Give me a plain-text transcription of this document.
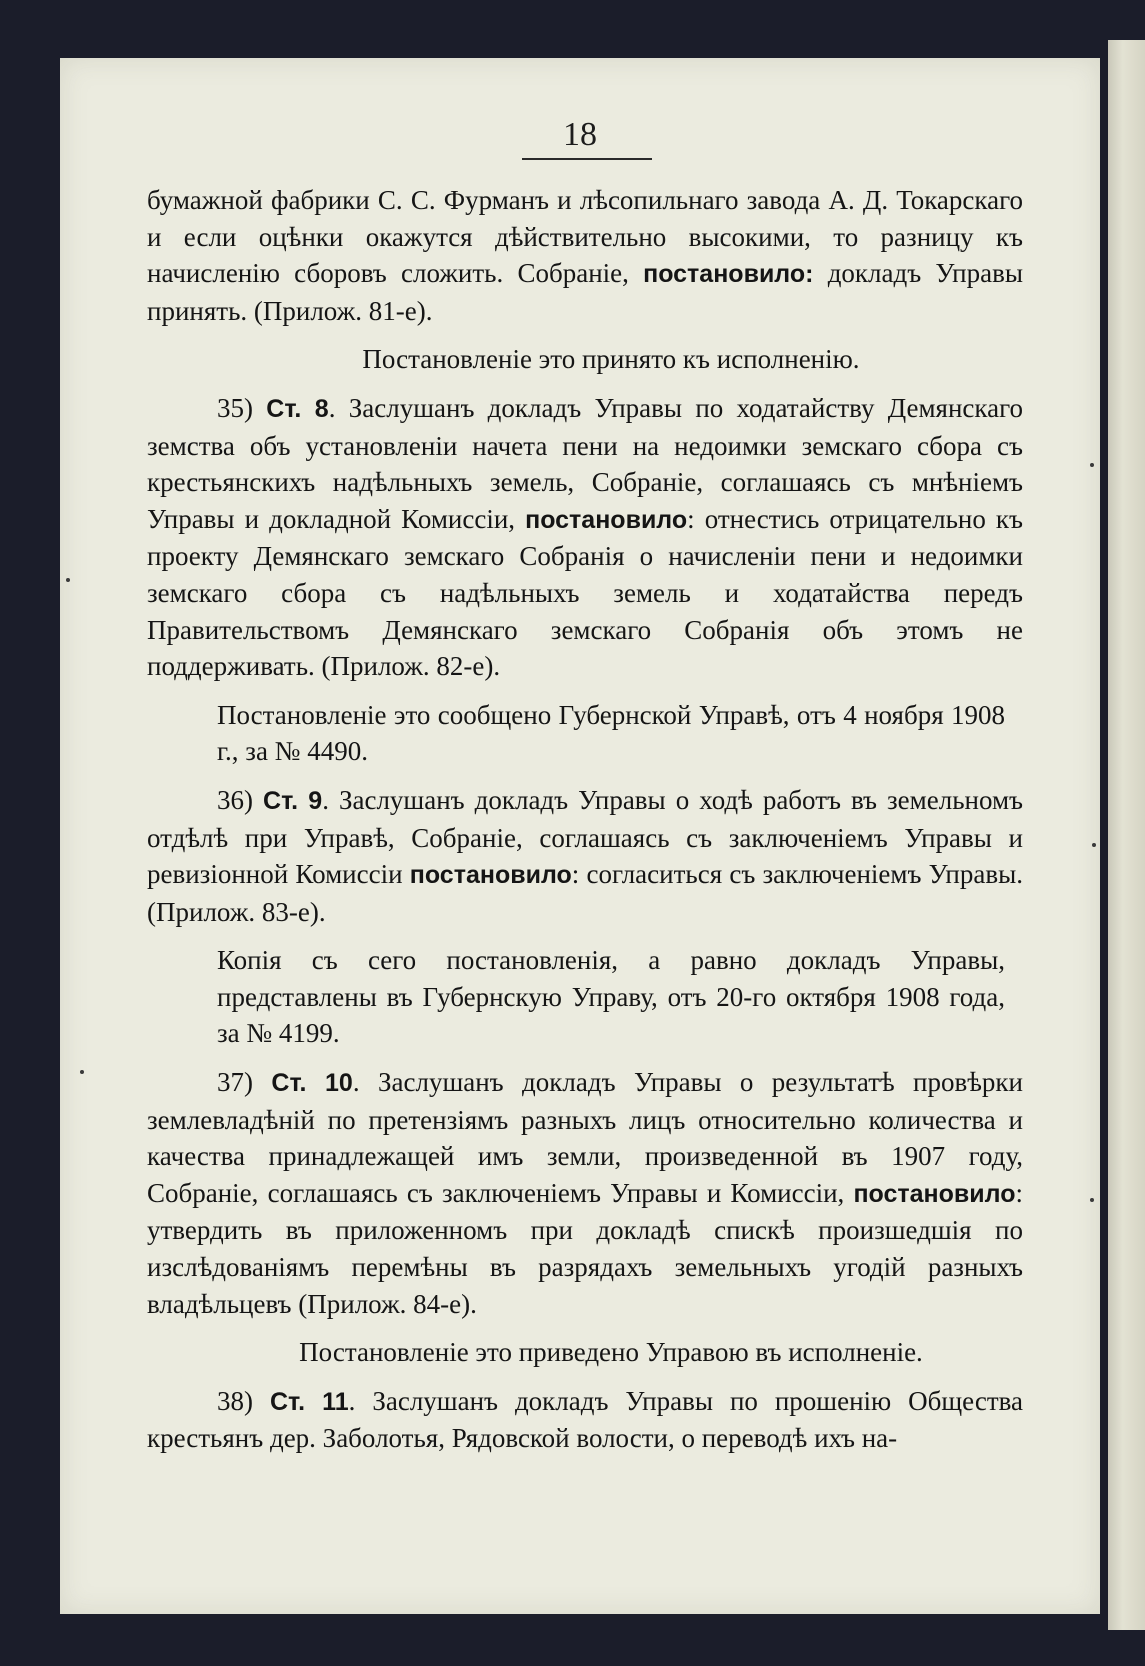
18

бумажной фабрики С. С. Фурманъ и лѣсопильнаго завода А. Д. Токарскаго и если оцѣнки окажутся дѣйствительно высокими, то разницу къ начисленію сборовъ сложить. Собраніе, постановило: докладъ Управы принять. (Прилож. 81-е).

Постановленіе это принято къ исполненію.

35) Ст. 8. Заслушанъ докладъ Управы по ходатайству Демянскаго земства объ установленіи начета пени на недоимки земскаго сбора съ крестьянскихъ надѣльныхъ земель, Собраніе, соглашаясь съ мнѣніемъ Управы и докладной Комиссіи, постановило: отнестись отрицательно къ проекту Демянскаго земскаго Собранія о начисленіи пени и недоимки земскаго сбора съ надѣльныхъ земель и ходатайства передъ Правительствомъ Демянскаго земскаго Собранія объ этомъ не поддерживать. (Прилож. 82-е).

Постановленіе это сообщено Губернской Управѣ, отъ 4 ноября 1908 г., за № 4490.

36) Ст. 9. Заслушанъ докладъ Управы о ходѣ работъ въ земельномъ отдѣлѣ при Управѣ, Собраніе, соглашаясь съ заключеніемъ Управы и ревизіонной Комиссіи постановило: согласиться съ заключеніемъ Управы. (Прилож. 83-е).

Копія съ сего постановленія, а равно докладъ Управы, представлены въ Губернскую Управу, отъ 20-го октября 1908 года, за № 4199.

37) Ст. 10. Заслушанъ докладъ Управы о результатѣ провѣрки землевладѣній по претензіямъ разныхъ лицъ относительно количества и качества принадлежащей имъ земли, произведенной въ 1907 году, Собраніе, соглашаясь съ заключеніемъ Управы и Комиссіи, постановило: утвердить въ приложенномъ при докладѣ спискѣ произшедшія по изслѣдованіямъ перемѣны въ разрядахъ земельныхъ угодій разныхъ владѣльцевъ (Прилож. 84-е).

Постановленіе это приведено Управою въ исполненіе.

38) Ст. 11. Заслушанъ докладъ Управы по прошенію Общества крестьянъ дер. Заболотья, Рядовской волости, о переводѣ ихъ на-
